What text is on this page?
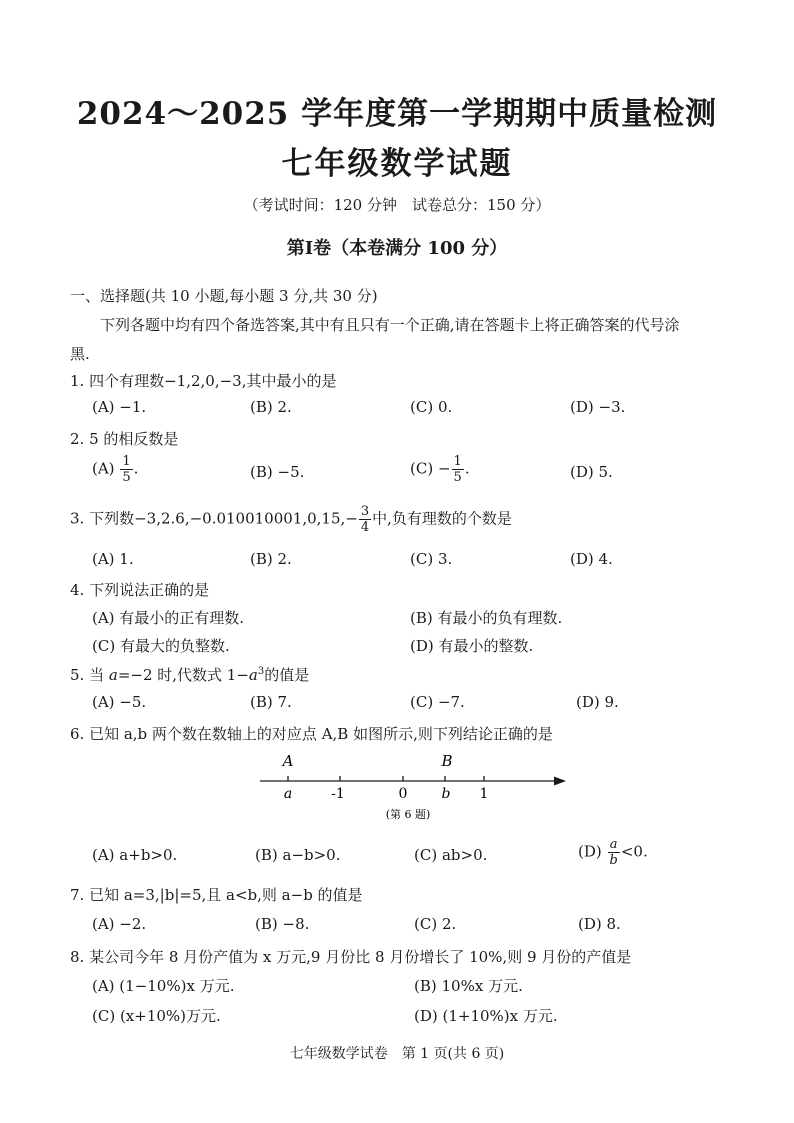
2024～2025 学年度第一学期期中质量检测
七年级数学试题
（考试时间：120 分钟　试卷总分：150 分）
第Ⅰ卷（本卷满分 100 分）
一、选择题(共 10 小题,每小题 3 分,共 30 分)
下列各题中均有四个备选答案,其中有且只有一个正确,请在答题卡上将正确答案的代号涂
黑.
1. 四个有理数−1,2,0,−3,其中最小的是
(A) −1.	(B) 2.	(C) 0.	(D) −3.
2. 5 的相反数是
$(A) \frac{1}{5}$ .	(B) −5.	$(C) - \frac{1}{5}$ .	(D) 5.
3. 下列数$-3,2.6,-0.010010001,0,15,- \frac{3}{4}$ 中,负有理数的个数是
(A) 1.	(B) 2.	(C) 3.	(D) 4.
4. 下列说法正确的是
(A) 有最小的正有理数.	(B) 有最小的负有理数.
(C) 有最大的负整数.	(D) 有最小的整数.
5. 当 a=−2 时,代数式 $1-a^3$的值是
(A) −5.	(B) 7.	(C) −7.	(D) 9.
6. 已知 a,b 两个数在数轴上的对应点 A,B 如图所示,则下列结论正确的是
A	B
a	-1	0 b 1
(第 6 题)
(A) a+b>0.	(B) a−b>0.	(C) ab>0.	$(D) \frac{a}{b} <0$.
7. 已知 a=3,|b|=5,且 a<b,则 a−b 的值是
(A) −2.	(B) −8.	(C) 2.	(D) 8.
8. 某公司今年 8 月份产值为 x 万元,9 月份比 8 月份增长了 10%,则 9 月份的产值是
(A) (1−10%)x 万元.	(B) 10%x 万元.
(C) (x+10%)万元.	(D) (1+10%)x 万元.
七年级数学试卷　第 1 页(共 6 页)
